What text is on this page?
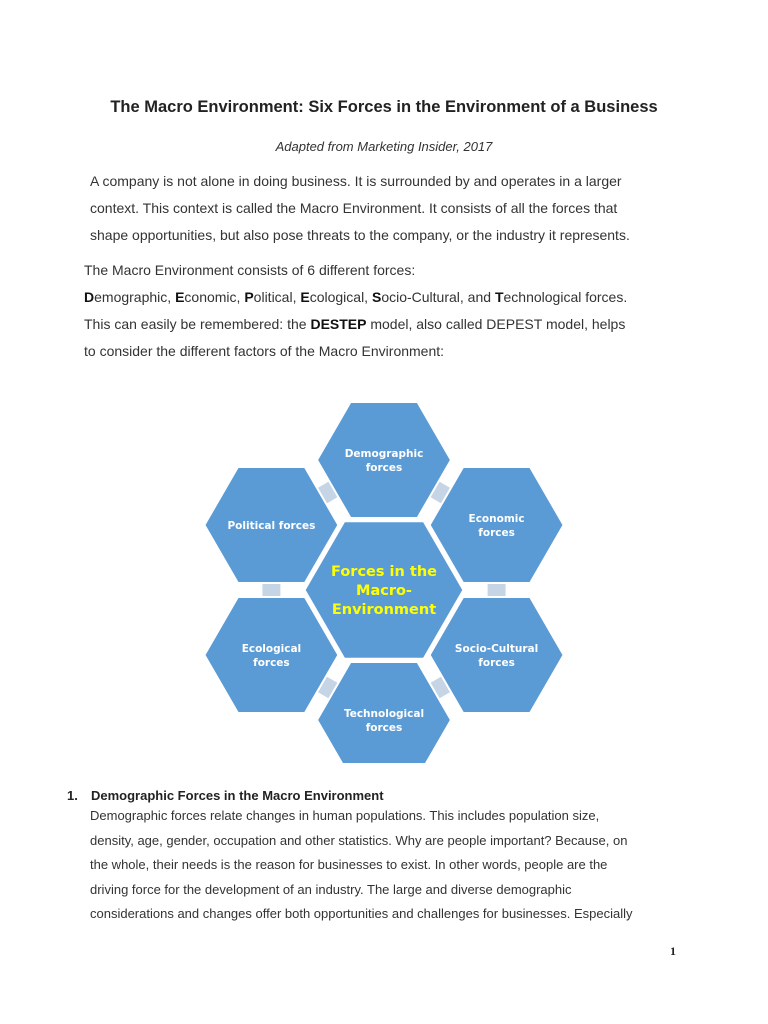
The Macro Environment: Six Forces in the Environment of a Business
Adapted from Marketing Insider, 2017
A company is not alone in doing business. It is surrounded by and operates in a larger
context. This context is called the Macro Environment. It consists of all the forces that
shape opportunities, but also pose threats to the company, or the industry it represents.
The Macro Environment consists of 6 different forces:
Demographic, Economic, Political, Ecological, Socio-Cultural, and Technological forces.
This can easily be remembered: the DESTEP model, also called DEPEST model, helps
to consider the different factors of the Macro Environment:
Demographic
forces
Economic
forces
Socio-Cultural
forces
Technological
forces
Ecological
forces
Political forces
Forces in the
Macro-
Environment
1. Demographic Forces in the Macro Environment
Demographic forces relate changes in human populations. This includes population size,
density, age, gender, occupation and other statistics. Why are people important? Because, on
the whole, their needs is the reason for businesses to exist. In other words, people are the
driving force for the development of an industry. The large and diverse demographic
considerations and changes offer both opportunities and challenges for businesses. Especially
1
